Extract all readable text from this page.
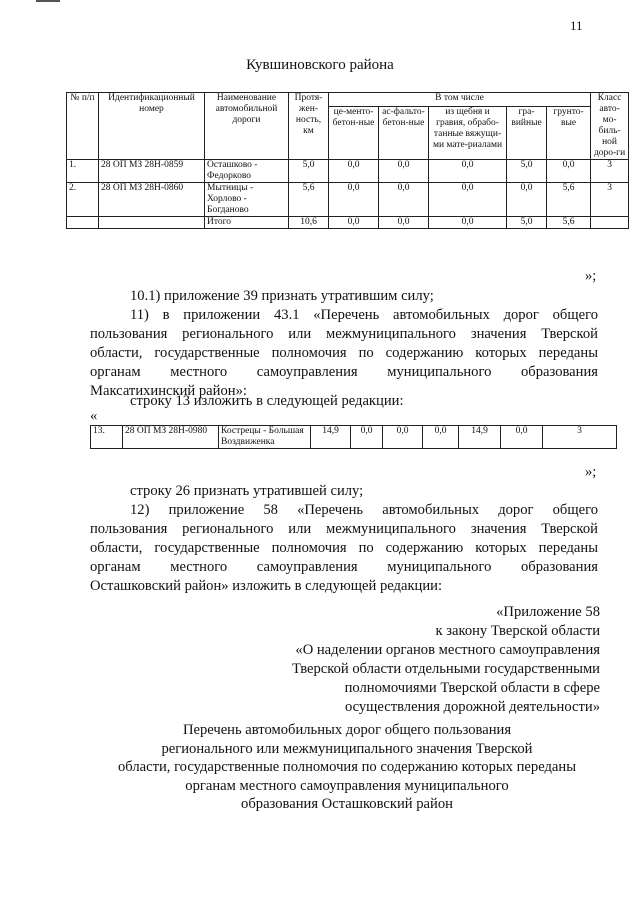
11
Кувшиновского района
№ п/п	Идентификационный номер	Наименование автомобильной дороги	Протя-жен-ность, км	В том числе					Класс авто-мо-биль-ной доро-ги
				це-менто-бетон-ные	ас-фальто-бетон-ные	из щебня и гравия, обрабо-танные вяжущи-ми мате-риалами	гра-вийные	грунто-вые	
1.	28 ОП МЗ 28Н-0859	Осташково - Федорково	5,0	0,0	0,0	0,0	5,0	0,0	3
2.	28 ОП МЗ 28Н-0860	Мытницы - Хорлово - Богданово	5,6	0,0	0,0	0,0	0,0	5,6	3
		Итого	10,6	0,0	0,0	0,0	5,0	5,6	
»;

10.1) приложение 39 признать утратившим силу;

11) в приложении 43.1 «Перечень автомобильных дорог общего
пользования регионального или межмуниципального значения Тверской
области, государственные полномочия по содержанию которых переданы
органам местного самоуправления муниципального образования
Максатихинский район»:

строку 13 изложить в следующей редакции:

«
13.	28 ОП МЗ 28Н-0980	Кострецы - Большая Воздвиженка	14,9	0,0	0,0	0,0	14,9	0,0	3
»;

строку 26 признать утратившей силу;

12) приложение 58 «Перечень автомобильных дорог общего
пользования регионального или межмуниципального значения Тверской
области, государственные полномочия по содержанию которых переданы
органам местного самоуправления муниципального образования
Осташковский район» изложить в следующей редакции:
«Приложение 58
к закону Тверской области
«О наделении органов местного самоуправления
Тверской области отдельными государственными
полномочиями Тверской области в сфере
осуществления дорожной деятельности»
Перечень автомобильных дорог общего пользования
регионального или межмуниципального значения Тверской
области, государственные полномочия по содержанию которых переданы
органам местного самоуправления муниципального
образования Осташковский район
